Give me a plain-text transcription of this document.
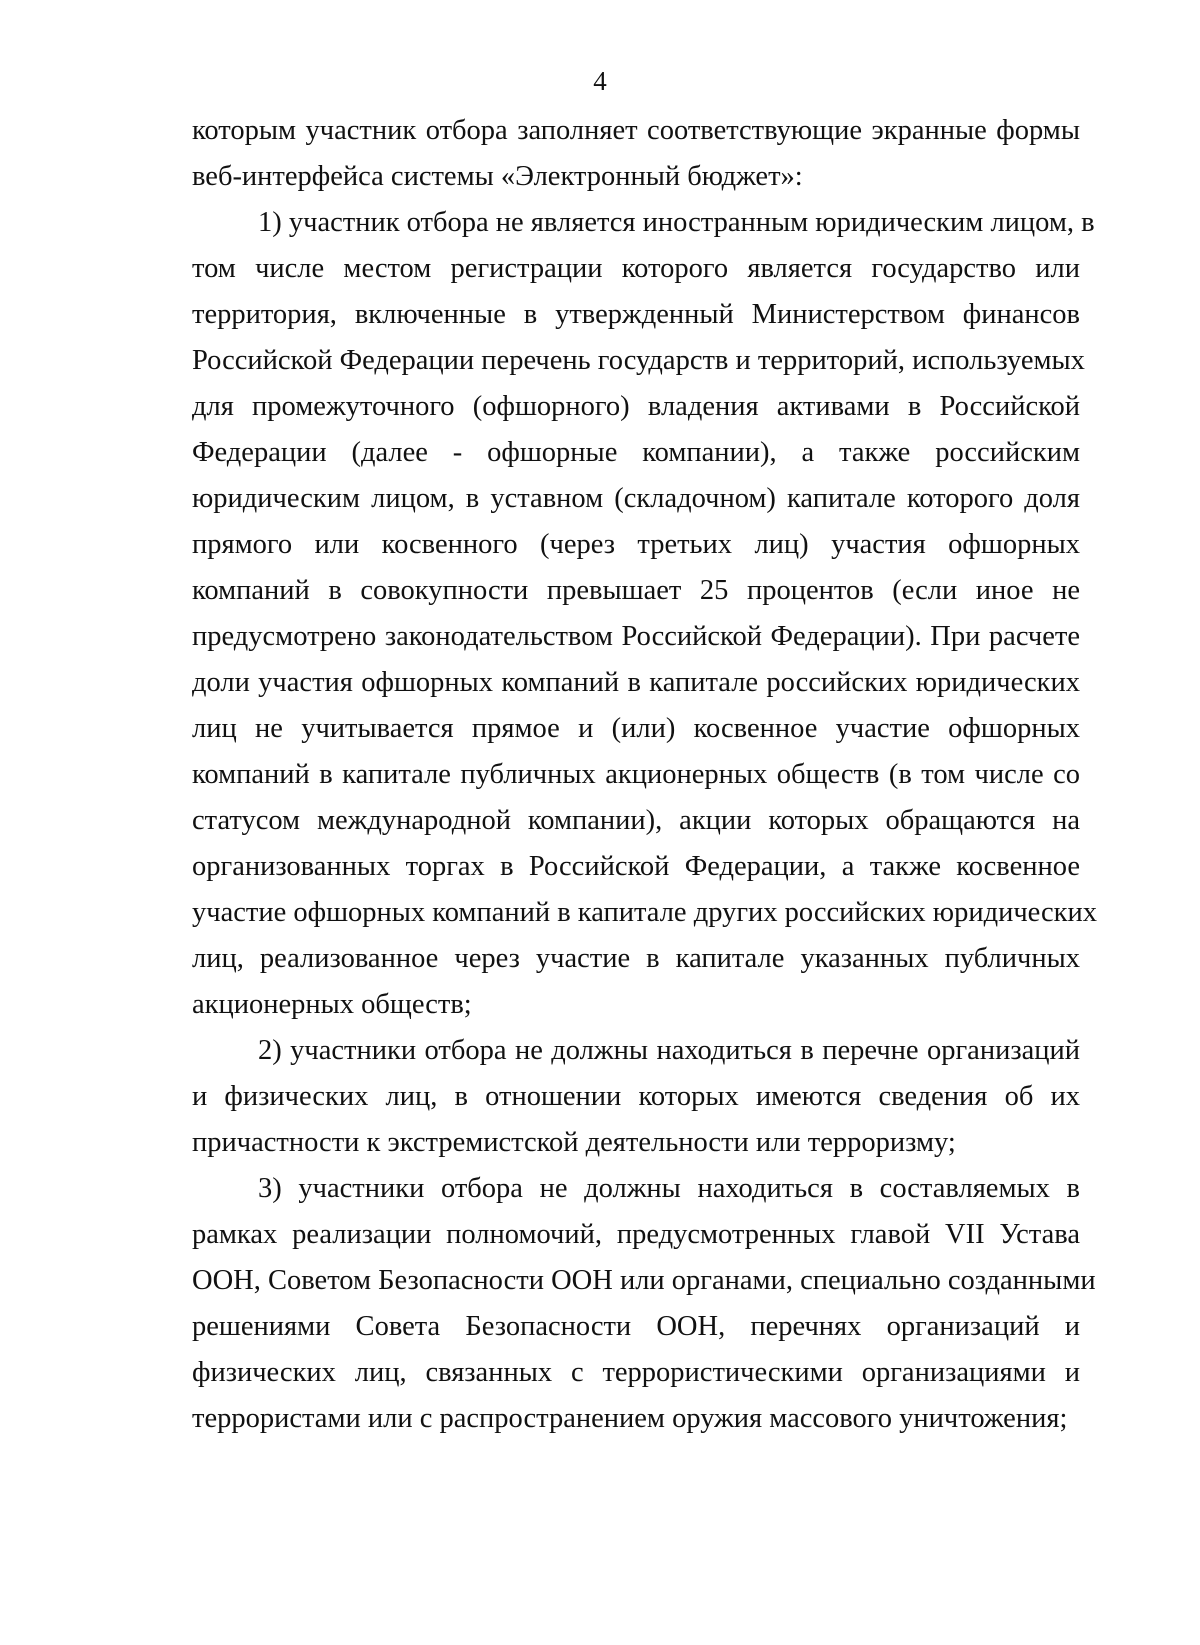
4
которым участник отбора заполняет соответствующие экранные формы
веб-интерфейса системы «Электронный бюджет»:
1) участник отбора не является иностранным юридическим лицом, в
том числе местом регистрации которого является государство или
территория, включенные в утвержденный Министерством финансов
Российской Федерации перечень государств и территорий, используемых
для промежуточного (офшорного) владения активами в Российской
Федерации (далее - офшорные компании), а также российским
юридическим лицом, в уставном (складочном) капитале которого доля
прямого или косвенного (через третьих лиц) участия офшорных
компаний в совокупности превышает 25 процентов (если иное не
предусмотрено законодательством Российской Федерации). При расчете
доли участия офшорных компаний в капитале российских юридических
лиц не учитывается прямое и (или) косвенное участие офшорных
компаний в капитале публичных акционерных обществ (в том числе со
статусом международной компании), акции которых обращаются на
организованных торгах в Российской Федерации, а также косвенное
участие офшорных компаний в капитале других российских юридических
лиц, реализованное через участие в капитале указанных публичных
акционерных обществ;
2) участники отбора не должны находиться в перечне организаций
и физических лиц, в отношении которых имеются сведения об их
причастности к экстремистской деятельности или терроризму;
3) участники отбора не должны находиться в составляемых в
рамках реализации полномочий, предусмотренных главой VII Устава
ООН, Советом Безопасности ООН или органами, специально созданными
решениями Совета Безопасности ООН, перечнях организаций и
физических лиц, связанных с террористическими организациями и
террористами или с распространением оружия массового уничтожения;
